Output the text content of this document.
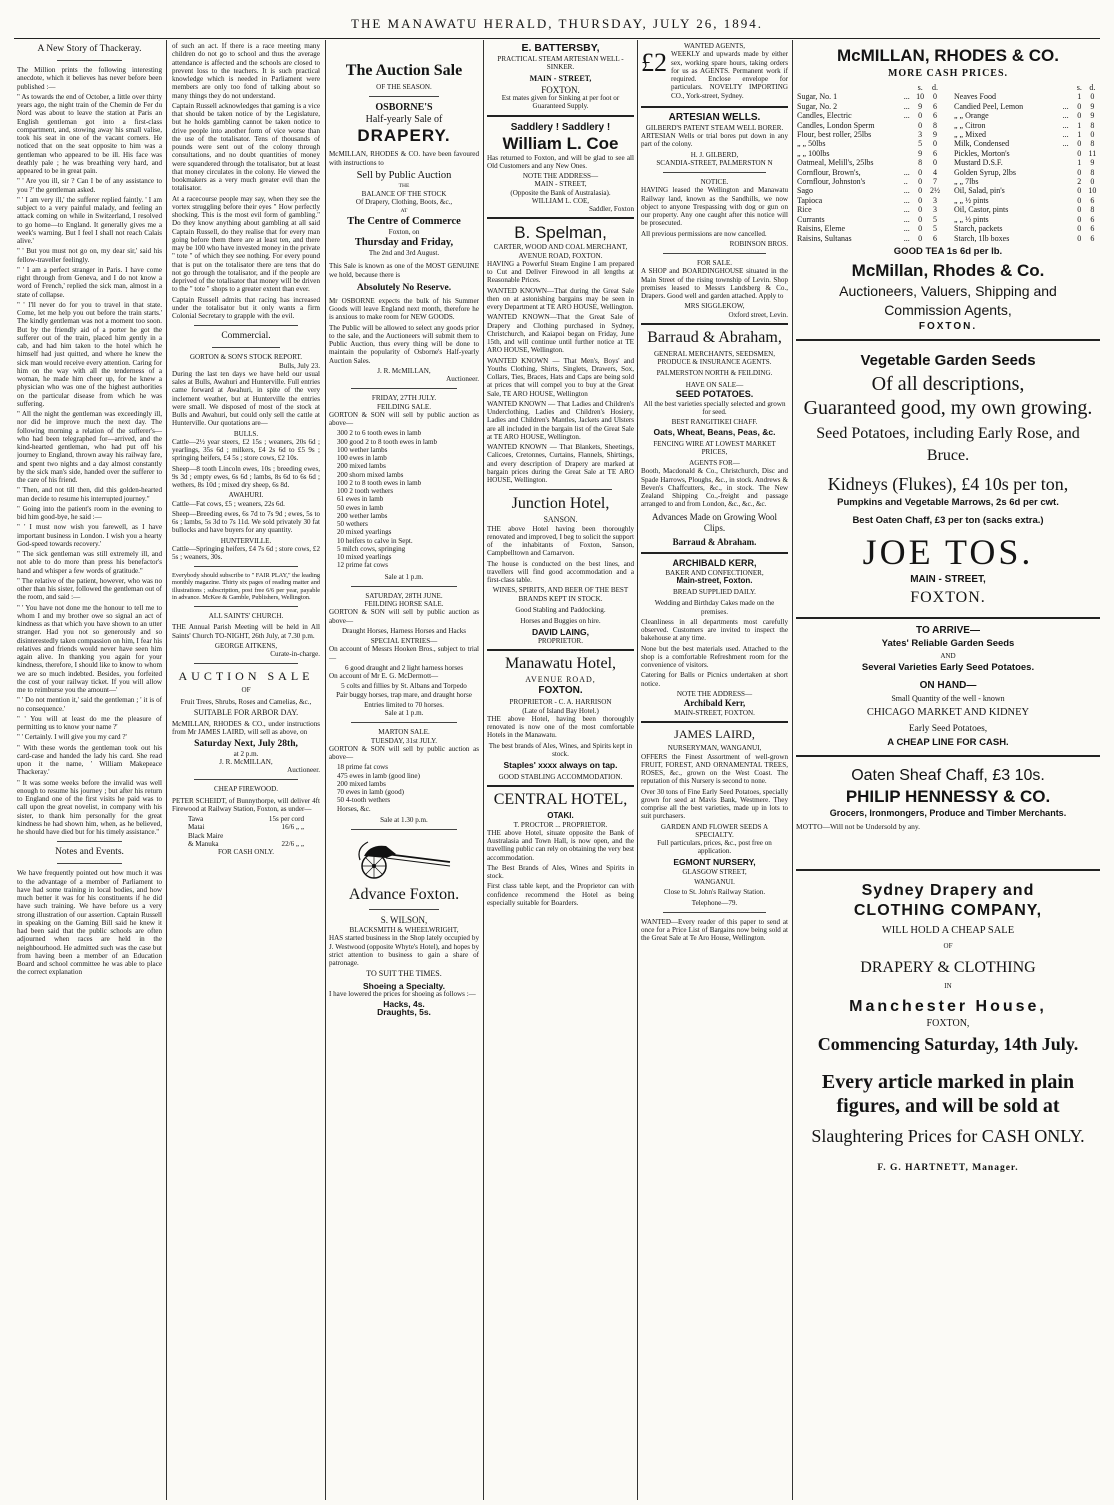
THE MANAWATU HERALD, THURSDAY, JULY 26, 1894.
A New Story of Thackeray.

The Million prints the following interesting anecdote, which it believes has never before been published :—

" As towards the end of October, a little over thirty years ago, the night train of the Chemin de Fer du Nord was about to leave the station at Paris an English gentleman got into a first-class compartment, and, stowing away his small valise, took his seat in one of the vacant corners. He noticed that on the seat opposite to him was a gentleman who appeared to be ill. His face was deathly pale ; he was breathing very hard, and appeared to be in great pain.

" ' Are you ill, sir ? Can I be of any assistance to you ?' the gentleman asked.

" ' I am very ill,' the sufferer replied faintly. ' I am subject to a very painful malady, and feeling an attack coming on while in Switzerland, I resolved to go home—to England. It generally gives me a week's warning. But I feel I shall not reach Calais alive.'

" ' But you must not go on, my dear sir,' said his fellow-traveller feelingly.

" ' I am a perfect stranger in Paris. I have come right through from Geneva, and I do not know a word of French,' replied the sick man, almost in a state of collapse.

" ' I'll never do for you to travel in that state. Come, let me help you out before the train starts.' The kindly gentleman was not a moment too soon. But by the friendly aid of a porter he got the sufferer out of the train, placed him gently in a cab, and had him taken to the hotel which he himself had just quitted, and where he knew the sick man would receive every attention. Caring for him on the way with all the tenderness of a woman, he made him cheer up, for he knew a physician who was one of the highest authorities on the particular disease from which he was suffering.

" All the night the gentleman was exceedingly ill, nor did he improve much the next day. The following morning a relation of the sufferer's—who had been telegraphed for—arrived, and the kind-hearted gentleman, who had put off his journey to England, thrown away his railway fare, and spent two nights and a day almost constantly by the sick man's side, handed over the sufferer to the care of his friend.

" Then, and not till then, did this golden-hearted man decide to resume his interrupted journey."

" Going into the patient's room in the evening to bid him good-bye, he said :—

" ' I must now wish you farewell, as I have important business in London. I wish you a hearty God-speed towards recovery.'

" The sick gentleman was still extremely ill, and not able to do more than press his benefactor's hand and whisper a few words of gratitude."

" The relative of the patient, however, who was no other than his sister, followed the gentleman out of the room, and said :—

" ' You have not done me the honour to tell me to whom I and my brother owe so signal an act of kindness as that which you have shown to an utter stranger. Had you not so generously and so disinterestedly taken compassion on him, I fear his relatives and friends would never have seen him again alive. In thanking you again for your kindness, therefore, I should like to know to whom we are so much indebted. Besides, you forfeited the cost of your railway ticket. If you will allow me to reimburse you the amount—'

" ' Do not mention it,' said the gentleman ; ' it is of no consequence.'

" ' You will at least do me the pleasure of permitting us to know your name ?'

" ' Certainly. I will give you my card ?'

" With these words the gentleman took out his card-case and handed the lady his card. She read upon it the name, ' William Makepeace Thackeray.'

" It was some weeks before the invalid was well enough to resume his journey ; but after his return to England one of the first visits he paid was to call upon the great novelist, in company with his sister, to thank him personally for the great kindness he had shown him, when, as he believed, he should have died but for his timely assistance."

Notes and Events.

We have frequently pointed out how much it was to the advantage of a member of Parliament to have had some training in local bodies, and how much better it was for his constituents if he did have such training. We have before us a very strong illustration of our assertion. Captain Russell in speaking on the Gaming Bill said he knew it had been said that the public schools are often adjourned when races are held in the neighbourhood. He admitted such was the case but from having been a member of an Education Board and school committee he was able to place the correct explanation

of such an act. If there is a race meeting many children do not go to school and thus the average attendance is affected and the schools are closed to prevent loss to the teachers. It is such practical knowledge which is needed in Parliament were members are only too fond of talking about so many things they do not understand.

Captain Russell acknowledges that gaming is a vice that should be taken notice of by the Legislature, but he holds gambling cannot be taken notice to drive people into another form of vice worse than the use of the totalisator. Tens of thousands of pounds were sent out of the colony through consultations, and no doubt quantities of money were squandered through the totalisator, but at least that money circulates in the colony. He viewed the bookmakers as a very much greater evil than the totalisator.

At a racecourse people may say, when they see the vortex struggling before their eyes " How perfectly shocking. This is the most evil form of gambling." Do they know anything about gambling at all said Captain Russell, do they realise that for every man going before them there are at least ten, and there may be 100 who have invested money in the private " tote " of which they see nothing. For every pound that is put on the totalisator there are tens that do not go through the totalisator, and if the people are deprived of the totalisator that money will be driven to the " tote " shops to a greater extent than ever.

Captain Russell admits that racing has increased under the totalisator but it only wants a firm Colonial Secretary to grapple with the evil.

Commercial.
GORTON & SON'S STOCK REPORT.
Bulls, July 23.

During the last ten days we have held our usual sales at Bulls, Awahuri and Hunterville. Full entries came forward at Awahuri, in spite of the very inclement weather, but at Hunterville the entries were small. We disposed of most of the stock at Bulls and Awahuri, but could only sell the cattle at Hunterville. Our quotations are—

BULLS.

Cattle—2½ year steers, £2 15s ; weaners, 20s 6d ; yearlings, 35s 6d ; milkers, £4 2s 6d to £5 9s ; springing heifers, £4 5s ; store cows, £2 10s.

Sheep—8 tooth Lincoln ewes, 10s ; breeding ewes, 9s 3d ; empty ewes, 6s 6d ; lambs, 8s 6d to 6s 6d ; wethers, 8s 10d ; mixed dry sheep, 6s 8d.

AWAHURI.

Cattle—Fat cows, £5 ; weaners, 22s 6d.

Sheep—Breeding ewes, 6s 7d to 7s 9d ; ewes, 5s to 6s ; lambs, 5s 3d to 7s 11d. We sold privately 30 fat bullocks and have buyers for any quantity.

HUNTERVILLE.

Cattle—Springing heifers, £4 7s 6d ; store cows, £2 5s ; weaners, 30s.

Everybody should subscribe to " FAIR PLAY," the leading monthly magazine. Thirty six pages of reading matter and illustrations ; subscription, post free 6/6 per year, payable in advance. McKee & Gamble, Publishers, Wellington.

ALL SAINTS' CHURCH.

THE Annual Parish Meeting will be held in All Saints' Church TO-NIGHT, 26th July, at 7.30 p.m.

GEORGE AITKENS,
Curate-in-charge.
AUCTION SALE
OF
Fruit Trees, Shrubs, Roses and Camelias, &c.,
SUITABLE FOR ARBOR DAY.

McMILLAN, RHODES & CO., under instructions from Mr JAMES LAIRD, will sell as above, on

Saturday Next, July 28th,
at 2 p.m.
J. R. McMILLAN,
Auctioneer.
CHEAP FIREWOOD.

PETER SCHEIDT, of Bunnythorpe, will deliver 4ft Firewood at Railway Station, Foxton, as under—

Tawa	15s per cord
Matai	16/6 „ „
Black Maire
& Manuka	22/6 „ „
FOR CASH ONLY.
The Auction Sale
OF THE SEASON.
OSBORNE'S
Half-yearly Sale of
DRAPERY.

McMILLAN, RHODES & CO. have been favoured with instructions to

Sell by Public Auction
THE
BALANCE OF THE STOCK
Of Drapery, Clothing, Boots, &c.,
AT
The Centre of Commerce
Foxton, on
Thursday and Friday,
The 2nd and 3rd August.

This Sale is known as one of the MOST GENUINE we hold, because there is

Absolutely No Reserve.

Mr OSBORNE expects the bulk of his Summer Goods will leave England next month, therefore he is anxious to make room for NEW GOODS.

The Public will be allowed to select any goods prior to the sale, and the Auctioneers will submit them to Public Auction, thus every thing will be done to maintain the popularity of Osborne's Half-yearly Auction Sales.

J. R. McMILLAN,
Auctioneer.
FRIDAY, 27TH JULY.
FEILDING SALE.

GORTON & SON will sell by public auction as above—

300 2 to 6 tooth ewes in lamb
300 good 2 to 8 tooth ewes in lamb
100 wether lambs
100 ewes in lamb
200 mixed lambs
200 shorn mixed lambs
100 2 to 8 tooth ewes in lamb
100 2 tooth wethers
61 ewes in lamb
50 ewes in lamb
200 wether lambs
50 wethers
20 mixed yearlings
10 heifers to calve in Sept.
5 milch cows, springing
10 mixed yearlings
12 prime fat cows
Sale at 1 p.m.
SATURDAY, 28TH JUNE.
FEILDING HORSE SALE.

GORTON & SON will sell by public auction as above—

Draught Horses, Harness Horses and Hacks
SPECIAL ENTRIES—

On account of Messrs Hooken Bros., subject to trial—

6 good draught and 2 light harness horses

On account of Mr E. G. McDermott—

5 colts and fillies by St. Albans and Torpedo
Pair buggy horses, trap mare, and draught horse
Entries limited to 70 horses.
Sale at 1 p.m.
MARTON SALE.
TUESDAY, 31st JULY.

GORTON & SON will sell by public auction as above—

18 prime fat cows
475 ewes in lamb (good line)
200 mixed lambs
70 ewes in lamb (good)
50 4-tooth wethers
Horses, &c.
Sale at 1.30 p.m.
Advance Foxton.
S. WILSON,
BLACKSMITH & WHEELWRIGHT,

HAS started business in the Shop lately occupied by J. Westwood (opposite Whyte's Hotel), and hopes by strict attention to business to gain a share of patronage.

TO SUIT THE TIMES.
Shoeing a Specialty.

I have lowered the prices for shoeing as follows :—

Hacks, 4s.
Draughts, 5s.
E. BATTERSBY,
PRACTICAL STEAM ARTESIAN WELL - SINKER.
MAIN - STREET,
FOXTON.

Est mates given for Sinking at per foot or Guaranteed Supply.

Saddlery ! Saddlery !
William L. Coe

Has returned to Foxton, and will be glad to see all Old Customers and any New Ones.

NOTE THE ADDRESS—
MAIN - STREET,
(Opposite the Bank of Australasia).
WILLIAM L. COE,
Saddler, Foxton
B. Spelman,
CARTER, WOOD AND COAL MERCHANT,
AVENUE ROAD, FOXTON.

HAVING a Powerful Steam Engine I am prepared to Cut and Deliver Firewood in all lengths at Reasonable Prices.

WANTED KNOWN—That during the Great Sale then on at astonishing bargains may be seen in every Department at TE ARO HOUSE, Wellington.

WANTED KNOWN—That the Great Sale of Drapery and Clothing purchased in Sydney, Christchurch, and Kaiapoi began on Friday, June 15th, and will continue until further notice at TE ARO HOUSE, Wellington.

WANTED KNOWN — That Men's, Boys' and Youths Clothing, Shirts, Singlets, Drawers, Sox, Collars, Ties, Braces, Hats and Caps are being sold at prices that will compel you to buy at the Great Sale, TE ARO HOUSE, Wellington

WANTED KNOWN — That Ladies and Children's Underclothing, Ladies and Children's Hosiery, Ladies and Children's Mantles, Jackets and Ulsters are all included in the bargain list of the Great Sale at TE ARO HOUSE, Wellington.

WANTED KNOWN — That Blankets, Sheetings, Calicoes, Cretonnes, Curtains, Flannels, Shirtings, and every description of Drapery are marked at bargain prices during the Great Sale at TE ARO HOUSE, Wellington.

Junction Hotel,
SANSON.

THE above Hotel having been thoroughly renovated and improved, I beg to solicit the support of the inhabitants of Foxton, Sanson, Campbelltown and Carnarvon.

The house is conducted on the best lines, and travellers will find good accommodation and a first-class table.

WINES, SPIRITS, AND BEER OF THE BEST BRANDS KEPT IN STOCK.
Good Stabling and Paddocking.
Horses and Buggies on hire.
DAVID LAING,
PROPRIETOR.
Manawatu Hotel,
AVENUE ROAD,
FOXTON.
PROPRIETOR - C. A. HARRISON
(Late of Island Bay Hotel.)

THE above Hotel, having been thoroughly renovated is now one of the most comfortable Hotels in the Manawatu.

The best brands of Ales, Wines, and Spirits kept in stock.

Staples' xxxx always on tap.
GOOD STABLING ACCOMMODATION.
CENTRAL HOTEL,
OTAKI.
T. PROCTOR ... PROPRIETOR.

THE above Hotel, situate opposite the Bank of Australasia and Town Hall, is now open, and the travelling public can rely on obtaining the very best accommodation.

The Best Brands of Ales, Wines and Spirits in stock.

First class table kept, and the Proprietor can with confidence recommend the Hotel as being especially suitable for Boarders.

WANTED AGENTS,
£2 WEEKLY and upwards made by either sex, working spare hours, taking orders for us as AGENTS. Permanent work if required. Enclose envelope for particulars. NOVELTY IMPORTING CO., York-street, Sydney.

ARTESIAN WELLS.
GILBERD'S PATENT STEAM WELL BORER.

ARTESIAN Wells or trial bores put down in any part of the colony.

H. J. GILBERD,
SCANDIA-STREET, PALMERSTON N
NOTICE.

HAVING leased the Wellington and Manawatu Railway land, known as the Sandhills, we now object to anyone Trespassing with dog or gun on our property. Any one caught after this notice will be prosecuted.

All previous permissions are now cancelled.

ROBINSON BROS.
FOR SALE.

A SHOP and BOARDINGHOUSE situated in the Main Street of the rising township of Levin. Shop premises leased to Messrs Landsberg & Co., Drapers. Good well and garden attached. Apply to

MRS SIGGLEKOW,
Oxford street, Levin.
Barraud & Abraham,
GENERAL MERCHANTS, SEEDSMEN, PRODUCE & INSURANCE AGENTS.
PALMERSTON NORTH & FEILDING.
HAVE ON SALE—
SEED POTATOES.

All the best varieties specially selected and grown for seed.

BEST RANGITIKEI CHAFF.
Oats, Wheat, Beans, Peas, &c.
FENCING WIRE AT LOWEST MARKET PRICES,
AGENTS FOR—

Booth, Macdonald & Co., Christchurch, Disc and Spade Harrows, Ploughs, &c., in stock. Andrews & Beven's Chaffcutters, &c., in stock. The New Zealand Shipping Co.,-freight and passage arranged to and from London, &c., &c., &c.

Advances Made on Growing Wool Clips.
Barraud & Abraham.
ARCHIBALD KERR,
BAKER AND CONFECTIONER,
Main-street, Foxton.
BREAD SUPPLIED DAILY.

Wedding and Birthday Cakes made on the premises.

Cleanliness in all departments most carefully observed. Customers are invited to inspect the bakehouse at any time.

None but the best materials used. Attached to the shop is a comfortable Refreshment room for the convenience of visitors.

Catering for Balls or Picnics undertaken at short notice.

NOTE THE ADDRESS—
Archibald Kerr,
MAIN-STREET, FOXTON.
JAMES LAIRD,
NURSERYMAN, WANGANUI,

OFFERS the Finest Assortment of well-grown FRUIT, FOREST, AND ORNAMENTAL TREES, ROSES, &c., grown on the West Coast. The reputation of this Nursery is second to none.

Over 30 tons of Fine Early Seed Potatoes, specially grown for seed at Mavis Bank, Westmere. They comprise all the best varieties, made up in lots to suit purchasers.

GARDEN AND FLOWER SEEDS A SPECIALTY.

Full particulars, prices, &c., post free on application.

EGMONT NURSERY,
GLASGOW STREET,
WANGANUI.
Close to St. John's Railway Station.
Telephone—79.

WANTED—Every reader of this paper to send at once for a Price List of Bargains now being sold at the Great Sale at Te Aro House, Wellington.

McMILLAN, RHODES & CO.
MORE CASH PRICES.
		s.	d.
Sugar, No. 1	...	10	0
Sugar, No. 2	...	9	6
Candles, Electric	...	0	6
Candles, London Sperm		0	8
Flour, best roller, 25lbs		3	9
„ „ 50lbs		5	0
„ „ 100lbs		9	6
Oatmeal, Melill's, 25lbs		8	0
Cornflour, Brown's,	...	0	4
Cornflour, Johnston's	..	0	7
Sago	...	0	2½
Tapioca	...	0	3
Rice	...	0	3
Currants	...	0	5
Raisins, Eleme	...	0	5
Raisins, Sultanas	...	0	6
		s.	d.
Neaves Food		1	0
Candied Peel, Lemon	...	0	9
„ „ Orange	...	0	9
„ „ Citron	...	1	8
„ „ Mixed	...	1	0
Milk, Condensed	...	0	8
Pickles, Morton's		0	11
Mustard D.S.F.		1	9
Golden Syrup, 2lbs		0	8
„ „ 7lbs		2	0
Oil, Salad, pin's		0	10
„ „ ½ pints		0	6
Oil, Castor, pints		0	8
„ „ ½ pints		0	6
Starch, packets		0	6
Starch, 1lb boxes		0	6
GOOD TEA 1s 6d per lb.
McMillan, Rhodes & Co.
Auctioneers, Valuers, Shipping and
Commission Agents,
FOXTON.
Vegetable Garden Seeds
Of all descriptions,
Guaranteed good, my own growing.
Seed Potatoes, including Early Rose, and Bruce.
Kidneys (Flukes), £4 10s per ton,
Pumpkins and Vegetable Marrows, 2s 6d per cwt.
Best Oaten Chaff, £3 per ton (sacks extra.)
JOE TOS.
MAIN - STREET,
FOXTON.
TO ARRIVE—
Yates' Reliable Garden Seeds
AND
Several Varieties Early Seed Potatoes.
ON HAND—
Small Quantity of the well - known
CHICAGO MARKET AND KIDNEY
Early Seed Potatoes,
A CHEAP LINE FOR CASH.
Oaten Sheaf Chaff, £3 10s.
PHILIP HENNESSY & CO.
Grocers, Ironmongers, Produce and Timber Merchants.
MOTTO—Will not be Undersold by any.
Sydney Drapery and
CLOTHING COMPANY,
WILL HOLD A CHEAP SALE
OF
DRAPERY & CLOTHING
IN
Manchester House,
FOXTON,
Commencing Saturday, 14th July.
Every article marked in plain figures, and will be sold at
Slaughtering Prices for CASH ONLY.
F. G. HARTNETT, Manager.
